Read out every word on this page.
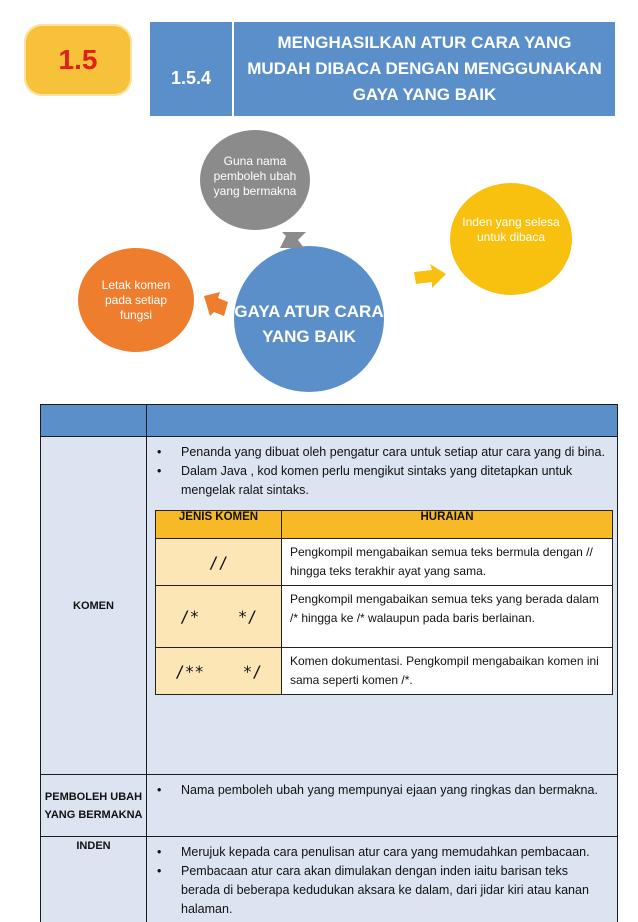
1.5
1.5.4
MENGHASILKAN ATUR CARA YANG MUDAH DIBACA DENGAN MENGGUNAKAN GAYA YANG BAIK
Guna nama pemboleh ubah yang bermakna
Inden yang selesa untuk dibaca
Letak komen pada setiap fungsi	GAYA ATUR CARA YANG BAIK

KOMEN	
• Penanda yang dibuat oleh pengatur cara untuk setiap atur cara yang di bina.
• Dalam Java , kod komen perlu mengikut sintaks yang ditetapkan untuk mengelak ralat sintaks.
JENIS KOMEN	HURAIAN
//	Pengkompil mengabaikan semua teks bermula dengan // hingga teks terakhir ayat yang sama.
/*    */	Pengkompil mengabaikan semua teks yang berada dalam /* hingga ke /* walaupun pada baris berlainan.
/**    */	Komen dokumentasi. Pengkompil mengabaikan komen ini sama seperti komen /*.

PEMBOLEH UBAH YANG BERMAKNA	
• Nama pemboleh ubah yang mempunyai ejaan yang ringkas dan bermakna.

INDEN	
•Merujuk kepada cara penulisan atur cara yang memudahkan pembacaan.
• Pembacaan atur cara akan dimulakan dengan inden iaitu barisan teks berada di beberapa kedudukan aksara ke dalam, dari jidar kiri atau kanan halaman.
